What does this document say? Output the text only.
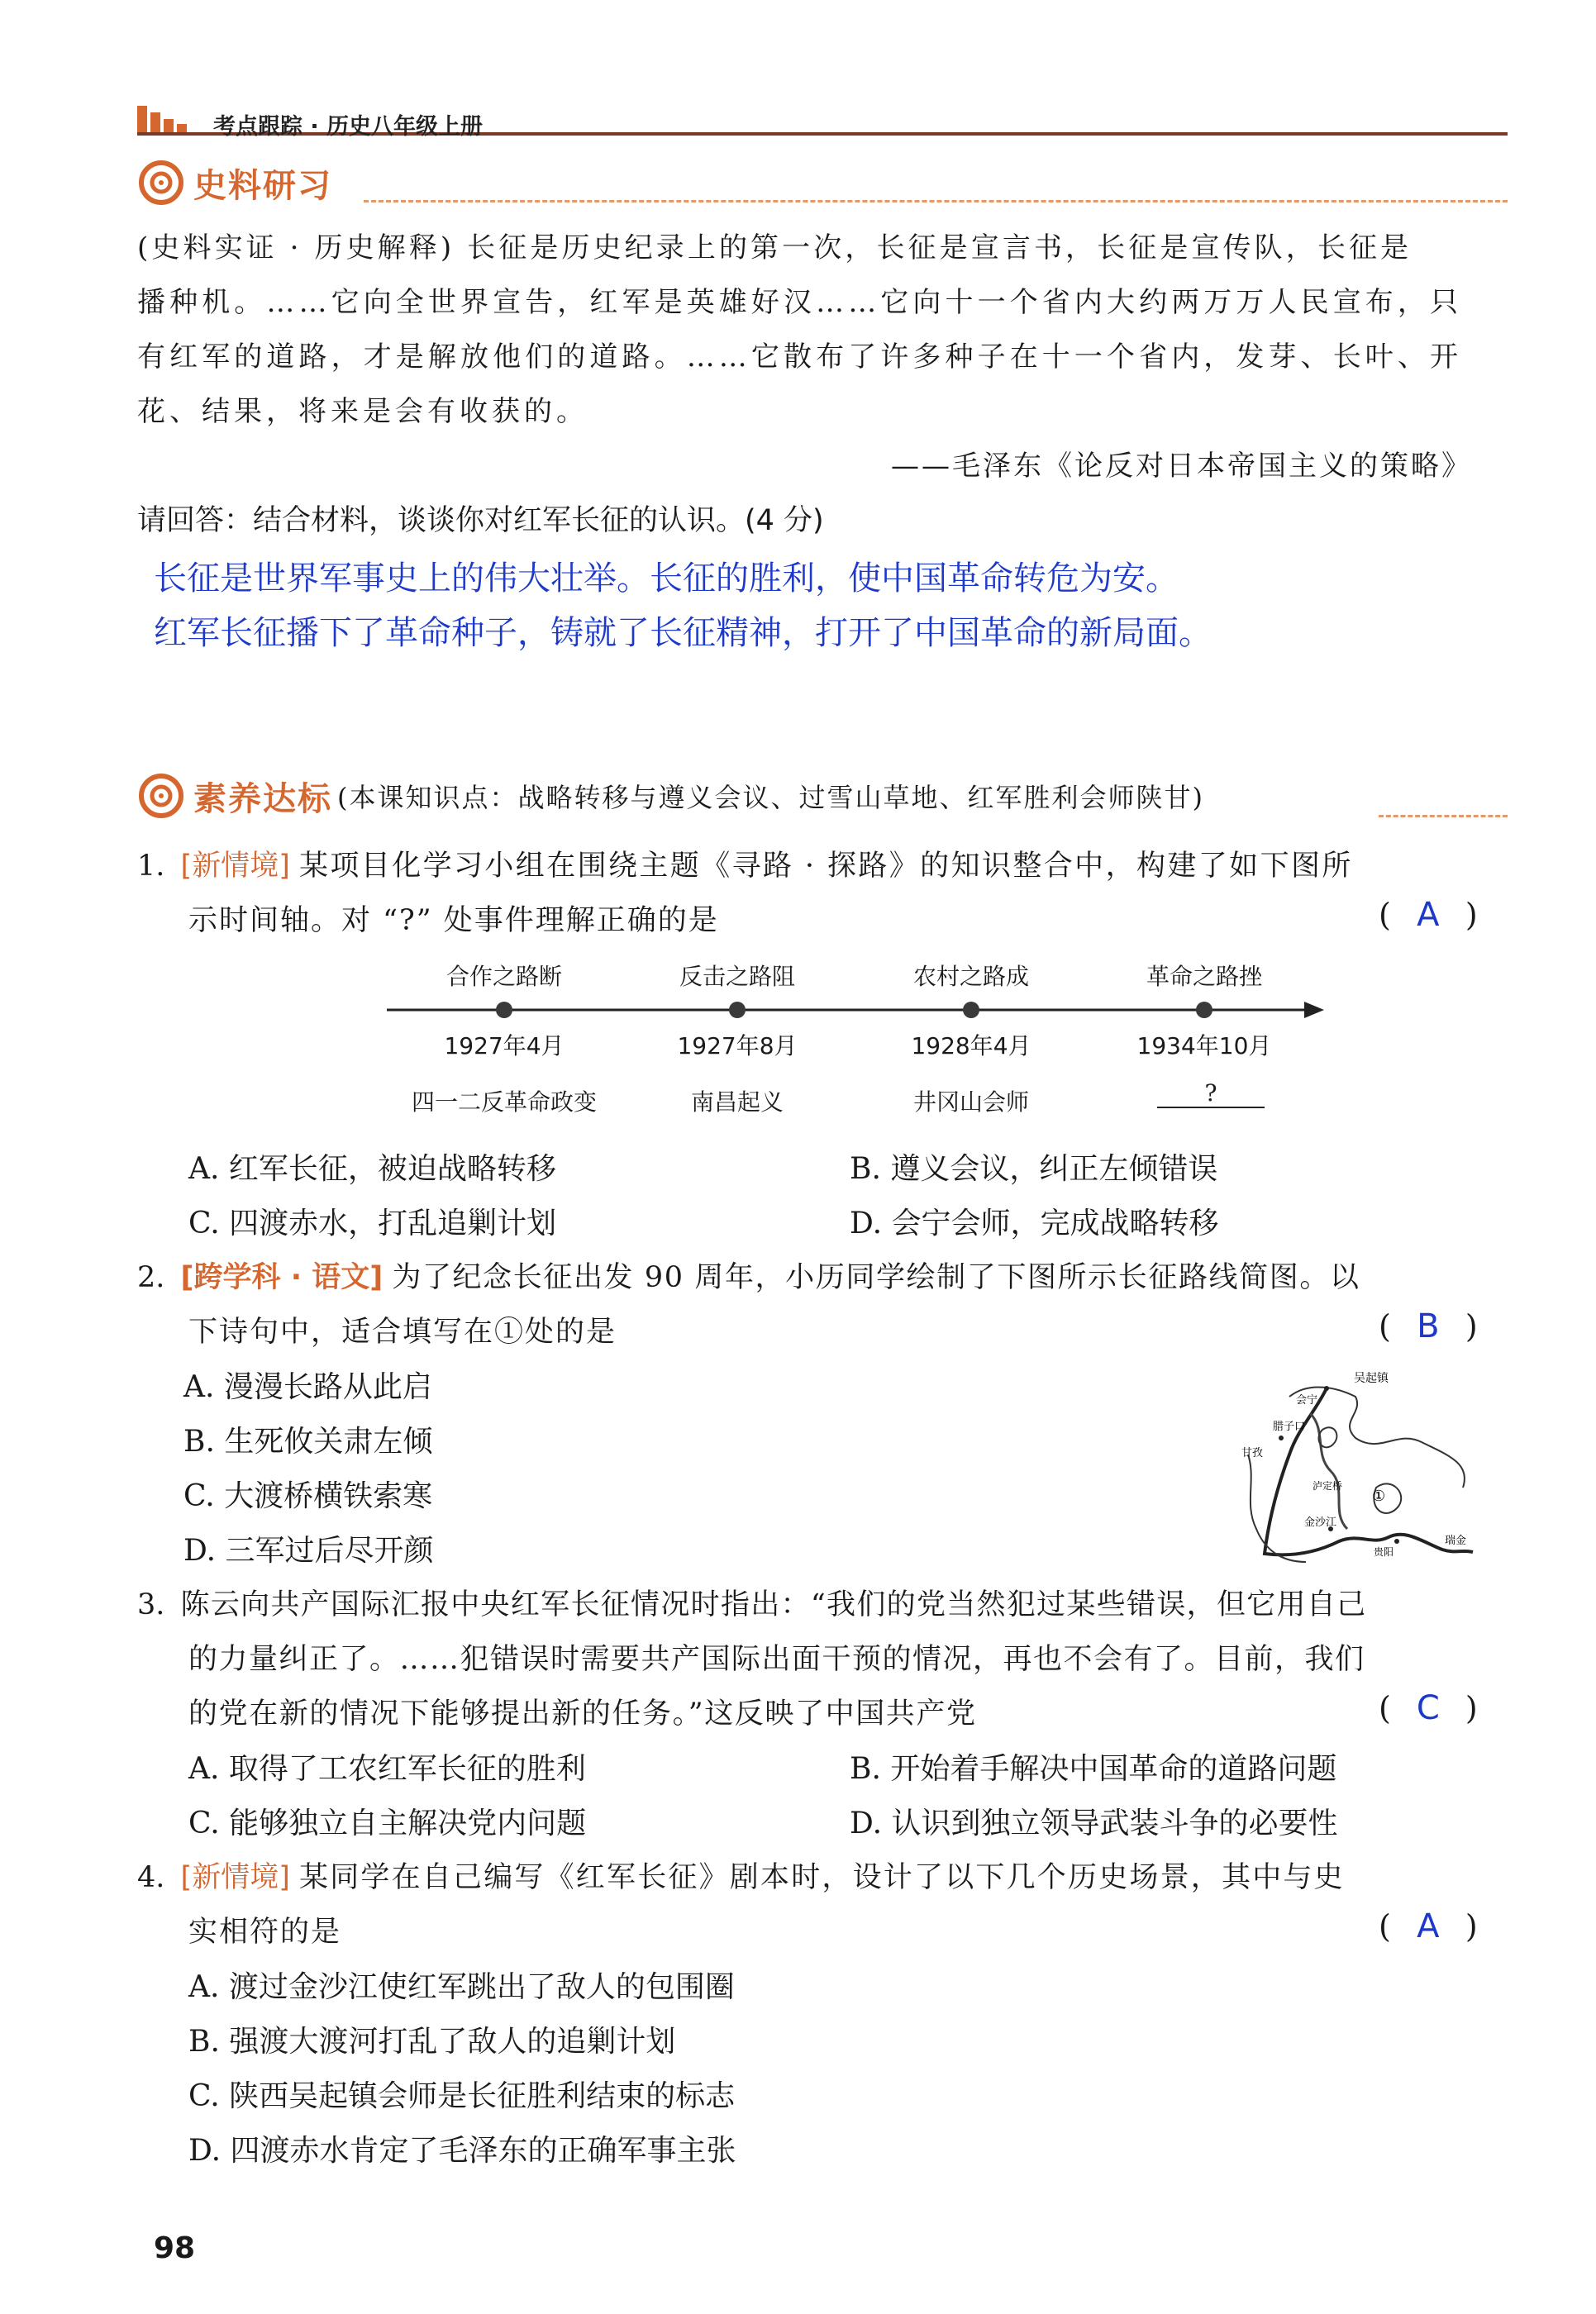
考点跟踪 · 历史八年级上册
史料研习
(史料实证 · 历史解释) 长征是历史纪录上的第一次，长征是宣言书，长征是宣传队，长征是
播种机。……它向全世界宣告，红军是英雄好汉……它向十一个省内大约两万万人民宣布，只
有红军的道路，才是解放他们的道路。……它散布了许多种子在十一个省内，发芽、长叶、开
花、结果，将来是会有收获的。
——毛泽东《论反对日本帝国主义的策略》
请回答：结合材料，谈谈你对红军长征的认识。(4 分)
长征是世界军事史上的伟大壮举。长征的胜利，使中国革命转危为安。
红军长征播下了革命种子，铸就了长征精神，打开了中国革命的新局面。
素养达标 (本课知识点：战略转移与遵义会议、过雪山草地、红军胜利会师陕甘)
1. [新情境] 某项目化学习小组在围绕主题《寻路 · 探路》的知识整合中，构建了如下图所
示时间轴。对 “?” 处事件理解正确的是	( A )
合作之路断	反击之路阻	农村之路成	革命之路挫
1927年4月	1927年8月	1928年4月	1934年10月
四一二反革命政变	南昌起义	井冈山会师	?
A. 红军长征，被迫战略转移	B. 遵义会议，纠正左倾错误
C. 四渡赤水，打乱追剿计划	D. 会宁会师，完成战略转移
2. [跨学科 · 语文] 为了纪念长征出发 90 周年，小历同学绘制了下图所示长征路线简图。以
下诗句中，适合填写在①处的是	( B )
A. 漫漫长路从此启
B. 生死攸关肃左倾
C. 大渡桥横铁索寒
D. 三军过后尽开颜
吴起镇
会宁
腊子口
甘孜
泸定桥
①
金沙江
贵阳
瑞金
3. 陈云向共产国际汇报中央红军长征情况时指出：“我们的党当然犯过某些错误，但它用自己
的力量纠正了。……犯错误时需要共产国际出面干预的情况，再也不会有了。目前，我们
的党在新的情况下能够提出新的任务。”这反映了中国共产党	( C )
A. 取得了工农红军长征的胜利	B. 开始着手解决中国革命的道路问题
C. 能够独立自主解决党内问题	D. 认识到独立领导武装斗争的必要性
4. [新情境] 某同学在自己编写《红军长征》剧本时，设计了以下几个历史场景，其中与史
实相符的是	( A )
A. 渡过金沙江使红军跳出了敌人的包围圈
B. 强渡大渡河打乱了敌人的追剿计划
C. 陕西吴起镇会师是长征胜利结束的标志
D. 四渡赤水肯定了毛泽东的正确军事主张
98
